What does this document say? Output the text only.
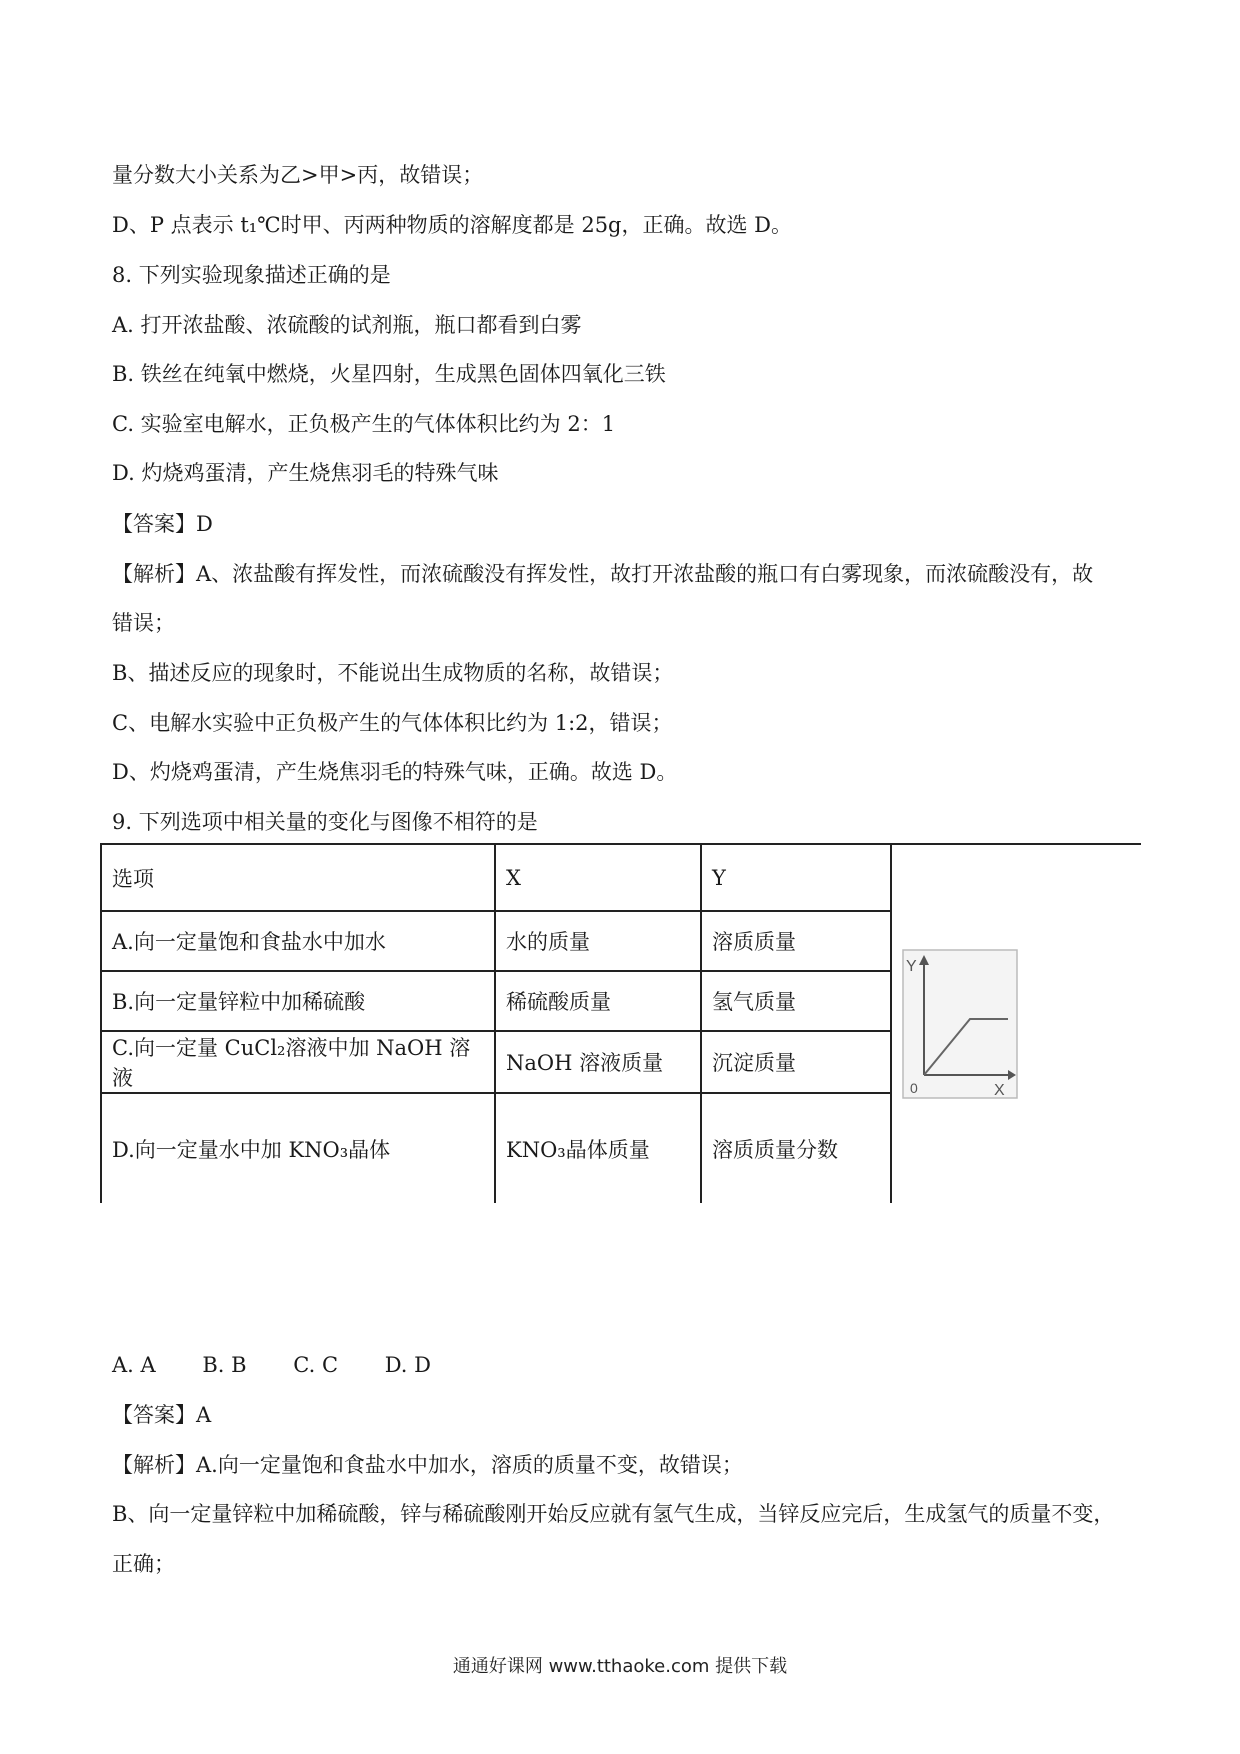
量分数大小关系为乙>甲>丙，故错误；
D、P 点表示 t₁℃时甲、丙两种物质的溶解度都是 25g，正确。故选 D。
8. 下列实验现象描述正确的是
A. 打开浓盐酸、浓硫酸的试剂瓶，瓶口都看到白雾
B. 铁丝在纯氧中燃烧，火星四射，生成黑色固体四氧化三铁
C. 实验室电解水，正负极产生的气体体积比约为 2：1
D. 灼烧鸡蛋清，产生烧焦羽毛的特殊气味
【答案】D
【解析】A、浓盐酸有挥发性，而浓硫酸没有挥发性，故打开浓盐酸的瓶口有白雾现象，而浓硫酸没有，故
错误；
B、描述反应的现象时，不能说出生成物质的名称，故错误；
C、电解水实验中正负极产生的气体体积比约为 1:2，错误；
D、灼烧鸡蛋清，产生烧焦羽毛的特殊气味，正确。故选 D。
9. 下列选项中相关量的变化与图像不相符的是
选项	X	Y	Y
X
0

A.向一定量饱和食盐水中加水	水的质量	溶质质量	
B.向一定量锌粒中加稀硫酸	稀硫酸质量	氢气质量	
C.向一定量 CuCl₂溶液中加 NaOH 溶液	NaOH 溶液质量	沉淀质量	
D.向一定量水中加 KNO₃晶体	KNO₃晶体质量	溶质质量分数	
A. A B. B C. C D. D
【答案】A
【解析】A.向一定量饱和食盐水中加水，溶质的质量不变，故错误；
B、向一定量锌粒中加稀硫酸，锌与稀硫酸刚开始反应就有氢气生成，当锌反应完后，生成氢气的质量不变，
正确；
通通好课网 www.tthaoke.com 提供下载
